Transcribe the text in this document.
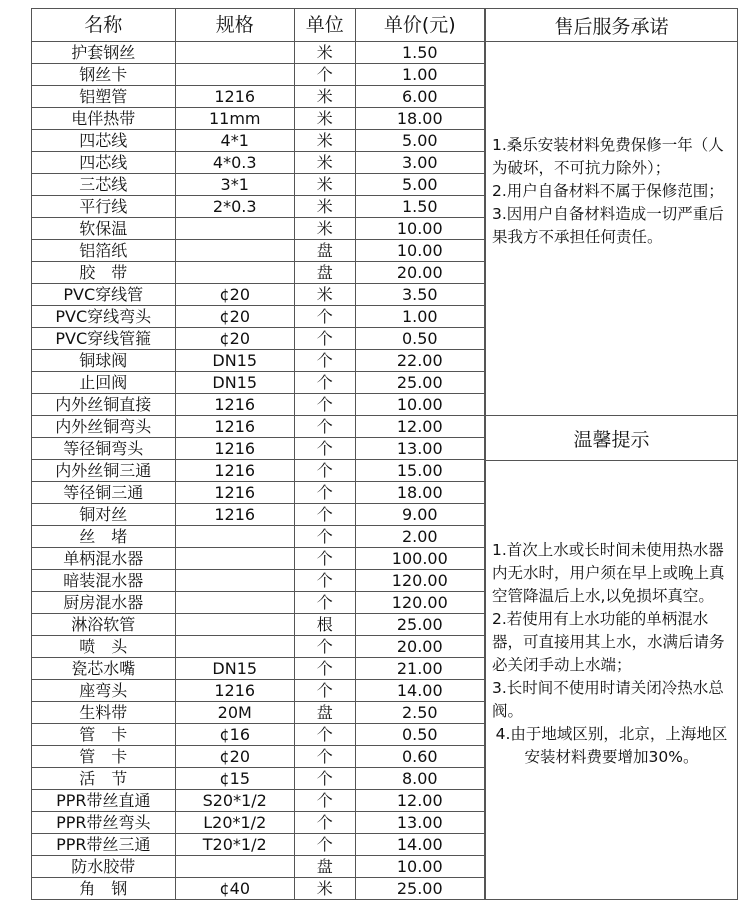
名称	规格	单位	单价(元)
护套钢丝		米	1.50
钢丝卡		个	1.00
铝塑管	1216	米	6.00
电伴热带	11mm	米	18.00
四芯线	4*1	米	5.00
四芯线	4*0.3	米	3.00
三芯线	3*1	米	5.00
平行线	2*0.3	米	1.50
软保温		米	10.00
铝箔纸		盘	10.00
胶　带		盘	20.00
PVC穿线管	¢20	米	3.50
PVC穿线弯头	¢20	个	1.00
PVC穿线管箍	¢20	个	0.50
铜球阀	DN15	个	22.00
止回阀	DN15	个	25.00
内外丝铜直接	1216	个	10.00
内外丝铜弯头	1216	个	12.00
等径铜弯头	1216	个	13.00
内外丝铜三通	1216	个	15.00
等径铜三通	1216	个	18.00
铜对丝	1216	个	9.00
丝　堵		个	2.00
单柄混水器		个	100.00
暗装混水器		个	120.00
厨房混水器		个	120.00
淋浴软管		根	25.00
喷　头		个	20.00
瓷芯水嘴	DN15	个	21.00
座弯头	1216	个	14.00
生料带	20M	盘	2.50
管　卡	¢16	个	0.50
管　卡	¢20	个	0.60
活　节	¢15	个	8.00
PPR带丝直通	S20*1/2	个	12.00
PPR带丝弯头	L20*1/2	个	13.00
PPR带丝三通	T20*1/2	个	14.00
防水胶带		盘	10.00
角　钢	¢40	米	25.00
售后服务承诺

1.桑乐安装材料免费保修一年（人为破坏，不可抗力除外）；

2.用户自备材料不属于保修范围；

3.因用户自备材料造成一切严重后果我方不承担任何责任。

温馨提示

1.首次上水或长时间未使用热水器内无水时，用户须在早上或晚上真空管降温后上水,以免损坏真空。

2.若使用有上水功能的单柄混水器，可直接用其上水，水满后请务必关闭手动上水端；

3.长时间不使用时请关闭冷热水总阀。

4.由于地域区别，北京，上海地区安装材料费要增加30%。
